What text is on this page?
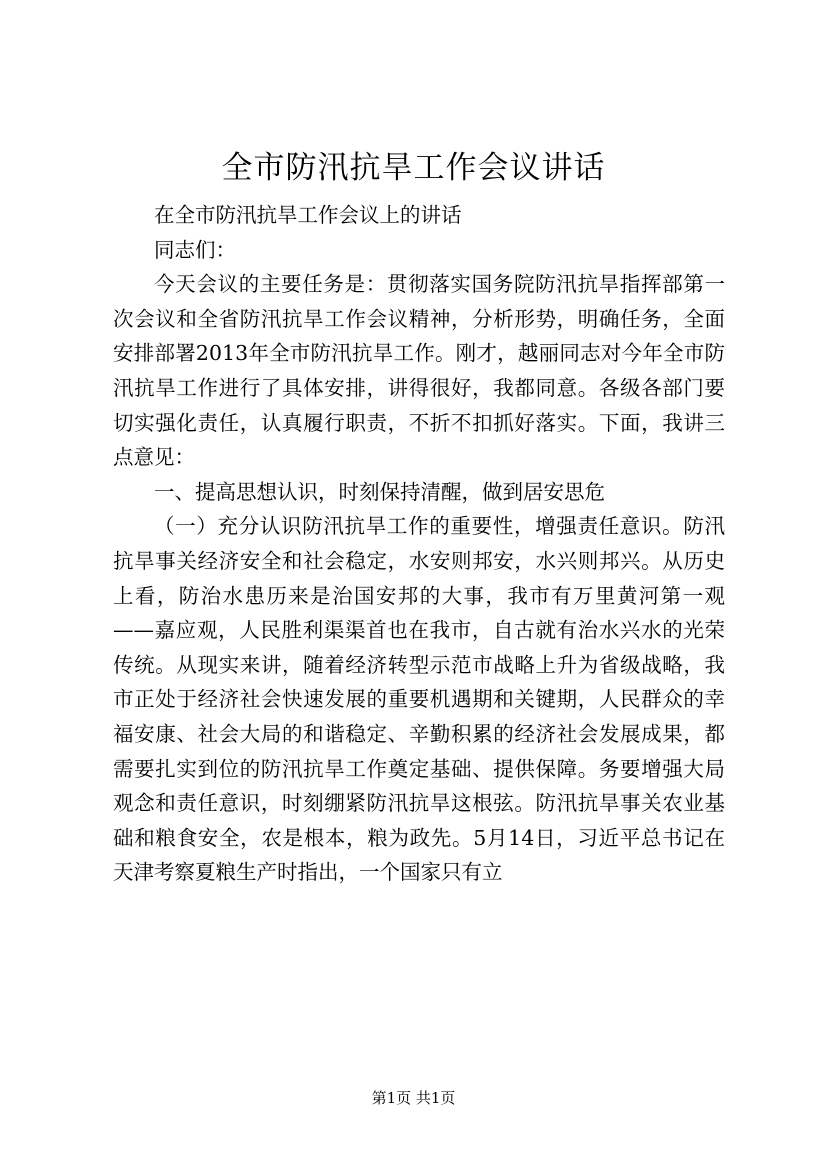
全市防汛抗旱工作会议讲话

在全市防汛抗旱工作会议上的讲话

同志们：

今天会议的主要任务是：贯彻落实国务院防汛抗旱指挥部第一次会议和全省防汛抗旱工作会议精神，分析形势，明确任务，全面安排部署2013年全市防汛抗旱工作。刚才，越丽同志对今年全市防汛抗旱工作进行了具体安排，讲得很好，我都同意。各级各部门要切实强化责任，认真履行职责，不折不扣抓好落实。下面，我讲三点意见：

一、提高思想认识，时刻保持清醒，做到居安思危

（一）充分认识防汛抗旱工作的重要性，增强责任意识。防汛抗旱事关经济安全和社会稳定，水安则邦安，水兴则邦兴。从历史上看，防治水患历来是治国安邦的大事，我市有万里黄河第一观——嘉应观，人民胜利渠渠首也在我市，自古就有治水兴水的光荣传统。从现实来讲，随着经济转型示范市战略上升为省级战略，我市正处于经济社会快速发展的重要机遇期和关键期，人民群众的幸福安康、社会大局的和谐稳定、辛勤积累的经济社会发展成果，都需要扎实到位的防汛抗旱工作奠定基础、提供保障。务要增强大局观念和责任意识，时刻绷紧防汛抗旱这根弦。防汛抗旱事关农业基础和粮食安全，农是根本，粮为政先。5月14日，习近平总书记在天津考察夏粮生产时指出，一个国家只有立

第1页 共1页
